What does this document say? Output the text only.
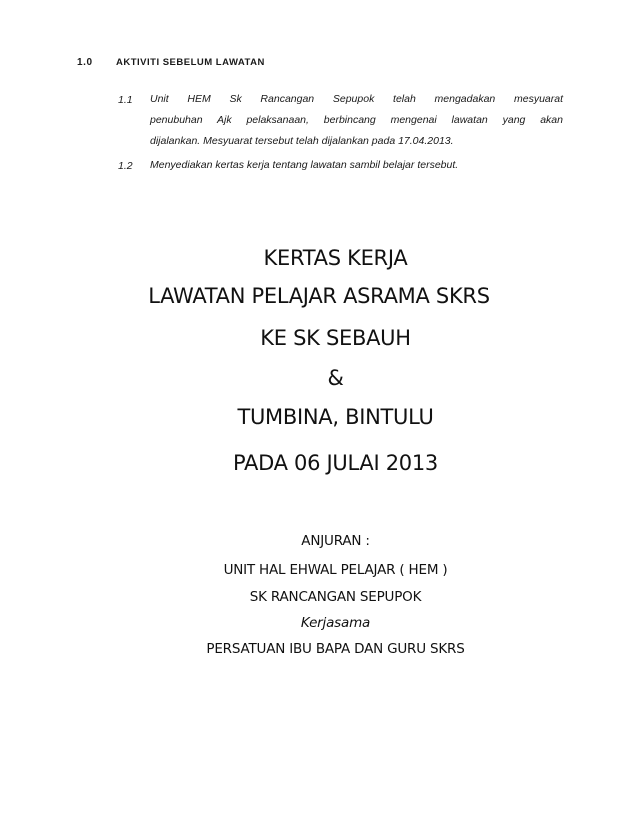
1.0 AKTIVITI SEBELUM LAWATAN
1.1 Unit HEM Sk Rancangan Sepupok telah mengadakan mesyuarat
penubuhan Ajk pelaksanaan, berbincang mengenai lawatan yang akan
dijalankan. Mesyuarat tersebut telah dijalankan pada 17.04.2013.
1.2 Menyediakan kertas kerja tentang lawatan sambil belajar tersebut.
KERTAS KERJA
LAWATAN PELAJAR ASRAMA SKRS
KE SK SEBAUH
&
TUMBINA, BINTULU
PADA 06 JULAI 2013
ANJURAN :
UNIT HAL EHWAL PELAJAR ( HEM )
SK RANCANGAN SEPUPOK
Kerjasama
PERSATUAN IBU BAPA DAN GURU SKRS
